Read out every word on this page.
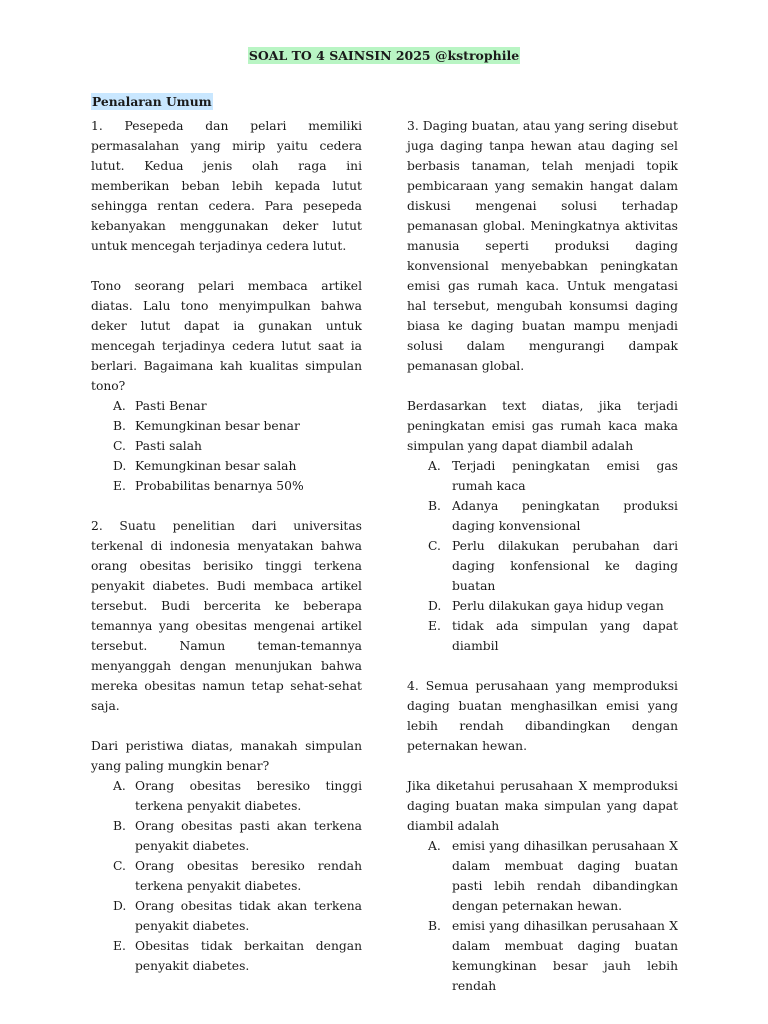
SOAL TO 4 SAINSIN 2025 @kstrophile
Penalaran Umum

1. Pesepeda dan pelari memiliki permasalahan yang mirip yaitu cedera lutut. Kedua jenis olah raga ini memberikan beban lebih kepada lutut sehingga rentan cedera. Para pesepeda kebanyakan menggunakan deker lutut untuk mencegah terjadinya cedera lutut.

Tono seorang pelari membaca artikel diatas. Lalu tono menyimpulkan bahwa deker lutut dapat ia gunakan untuk mencegah terjadinya cedera lutut saat ia berlari. Bagaimana kah kualitas simpulan tono?

A. Pasti Benar
B. Kemungkinan besar benar
C. Pasti salah
D. Kemungkinan besar salah
E. Probabilitas benarnya 50%

2. Suatu penelitian dari universitas terkenal di indonesia menyatakan bahwa orang obesitas berisiko tinggi terkena penyakit diabetes. Budi membaca artikel tersebut. Budi bercerita ke beberapa temannya yang obesitas mengenai artikel tersebut. Namun teman-temannya menyanggah dengan menunjukan bahwa mereka obesitas namun tetap sehat-sehat saja.

Dari peristiwa diatas, manakah simpulan yang paling mungkin benar?

A. Orang obesitas beresiko tinggi terkena penyakit diabetes.
B. Orang obesitas pasti akan terkena penyakit diabetes.
C. Orang obesitas beresiko rendah terkena penyakit diabetes.
D. Orang obesitas tidak akan terkena penyakit diabetes.
E. Obesitas tidak berkaitan dengan penyakit diabetes.

3. Daging buatan, atau yang sering disebut juga daging tanpa hewan atau daging sel berbasis tanaman, telah menjadi topik pembicaraan yang semakin hangat dalam diskusi mengenai solusi terhadap pemanasan global. Meningkatnya aktivitas manusia seperti produksi daging konvensional menyebabkan peningkatan emisi gas rumah kaca. Untuk mengatasi hal tersebut, mengubah konsumsi daging biasa ke daging buatan mampu menjadi solusi dalam mengurangi dampak pemanasan global.

Berdasarkan text diatas, jika terjadi peningkatan emisi gas rumah kaca maka simpulan yang dapat diambil adalah

A. Terjadi peningkatan emisi gas rumah kaca
B. Adanya peningkatan produksi daging konvensional
C. Perlu dilakukan perubahan dari daging konfensional ke daging buatan
D. Perlu dilakukan gaya hidup vegan
E. tidak ada simpulan yang dapat diambil

4. Semua perusahaan yang memproduksi daging buatan menghasilkan emisi yang lebih rendah dibandingkan dengan peternakan hewan.

Jika diketahui perusahaan X memproduksi daging buatan maka simpulan yang dapat diambil adalah

A. emisi yang dihasilkan perusahaan X dalam membuat daging buatan pasti lebih rendah dibandingkan dengan peternakan hewan.
B. emisi yang dihasilkan perusahaan X dalam membuat daging buatan kemungkinan besar jauh lebih rendah
